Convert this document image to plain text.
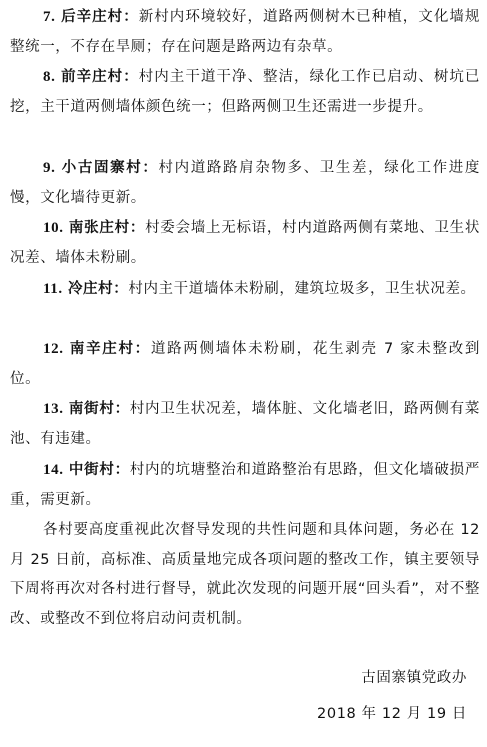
7. 后辛庄村：新村内环境较好，道路两侧树木已种植，文化墙规整统一，不存在旱厕；存在问题是路两边有杂草。

8. 前辛庄村：村内主干道干净、整洁，绿化工作已启动、树坑已挖，主干道两侧墙体颜色统一；但路两侧卫生还需进一步提升。

9. 小古固寨村：村内道路路肩杂物多、卫生差，绿化工作进度慢，文化墙待更新。

10. 南张庄村：村委会墙上无标语，村内道路两侧有菜地、卫生状况差、墙体未粉刷。

11. 冷庄村：村内主干道墙体未粉刷，建筑垃圾多，卫生状况差。

12. 南辛庄村：道路两侧墙体未粉刷，花生剥壳 7 家未整改到位。

13. 南街村：村内卫生状况差，墙体脏、文化墙老旧，路两侧有菜池、有违建。

14. 中街村：村内的坑塘整治和道路整治有思路，但文化墙破损严重，需更新。

各村要高度重视此次督导发现的共性问题和具体问题，务必在 12 月 25 日前，高标准、高质量地完成各项问题的整改工作，镇主要领导下周将再次对各村进行督导，就此次发现的问题开展“回头看”，对不整改、或整改不到位将启动问责机制。

古固寨镇党政办
2018 年 12 月 19 日
